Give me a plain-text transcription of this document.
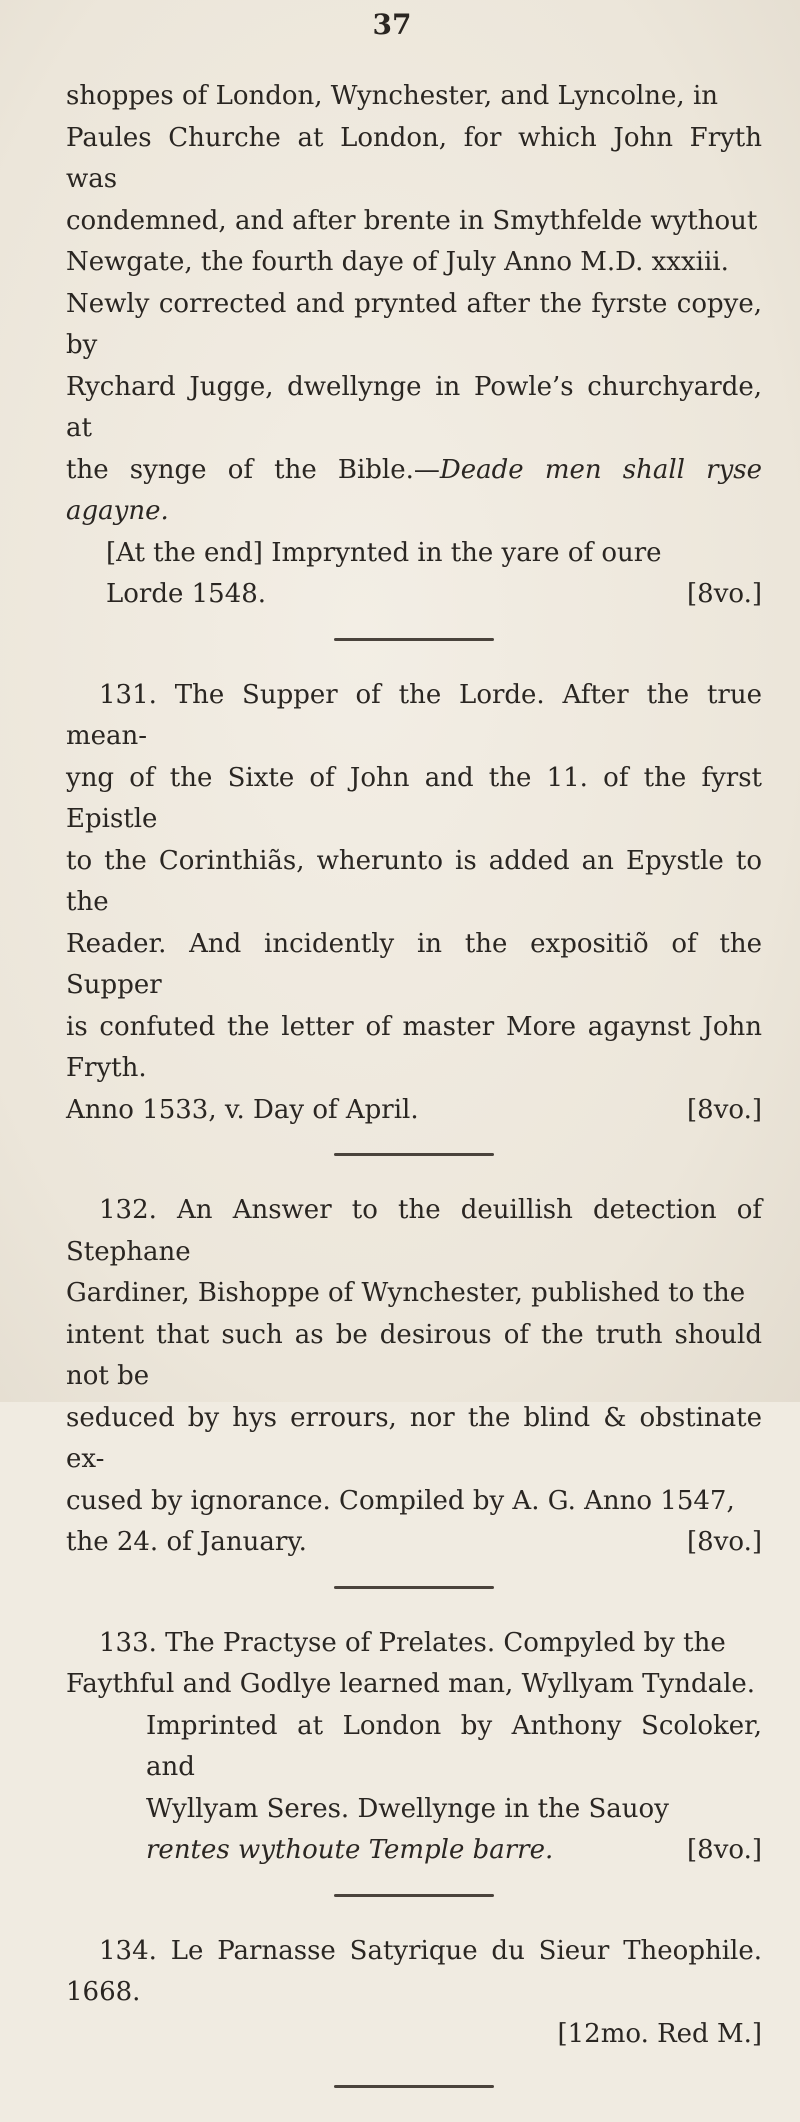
37
shoppes of London, Wynchester, and Lyncolne, in
Paules Churche at London, for which John Fryth was
condemned, and after brente in Smythfelde wythout
Newgate, the fourth daye of July Anno M.D. xxxiii.
Newly corrected and prynted after the fyrste copye, by
Rychard Jugge, dwellynge in Powle’s churchyarde, at
the synge of the Bible.—Deade men shall ryse agayne.
[At the end] Imprynted in the yare of oure
Lorde 1548.	[8vo.]
131. The Supper of the Lorde. After the true mean-
yng of the Sixte of John and the 11. of the fyrst Epistle
to the Corinthiãs, wherunto is added an Epystle to the
Reader. And incidently in the expositiõ of the Supper
is confuted the letter of master More agaynst John Fryth.
Anno 1533, v. Day of April.	[8vo.]
132. An Answer to the deuillish detection of Stephane
Gardiner, Bishoppe of Wynchester, published to the
intent that such as be desirous of the truth should not be
seduced by hys errours, nor the blind & obstinate ex-
cused by ignorance. Compiled by A. G. Anno 1547,
the 24. of January.	[8vo.]
133. The Practyse of Prelates. Compyled by the
Faythful and Godlye learned man, Wyllyam Tyndale.
Imprinted at London by Anthony Scoloker, and
Wyllyam Seres. Dwellynge in the Sauoy
rentes wythoute Temple barre.	[8vo.]
134. Le Parnasse Satyrique du Sieur Theophile. 1668.
[12mo. Red M.]
